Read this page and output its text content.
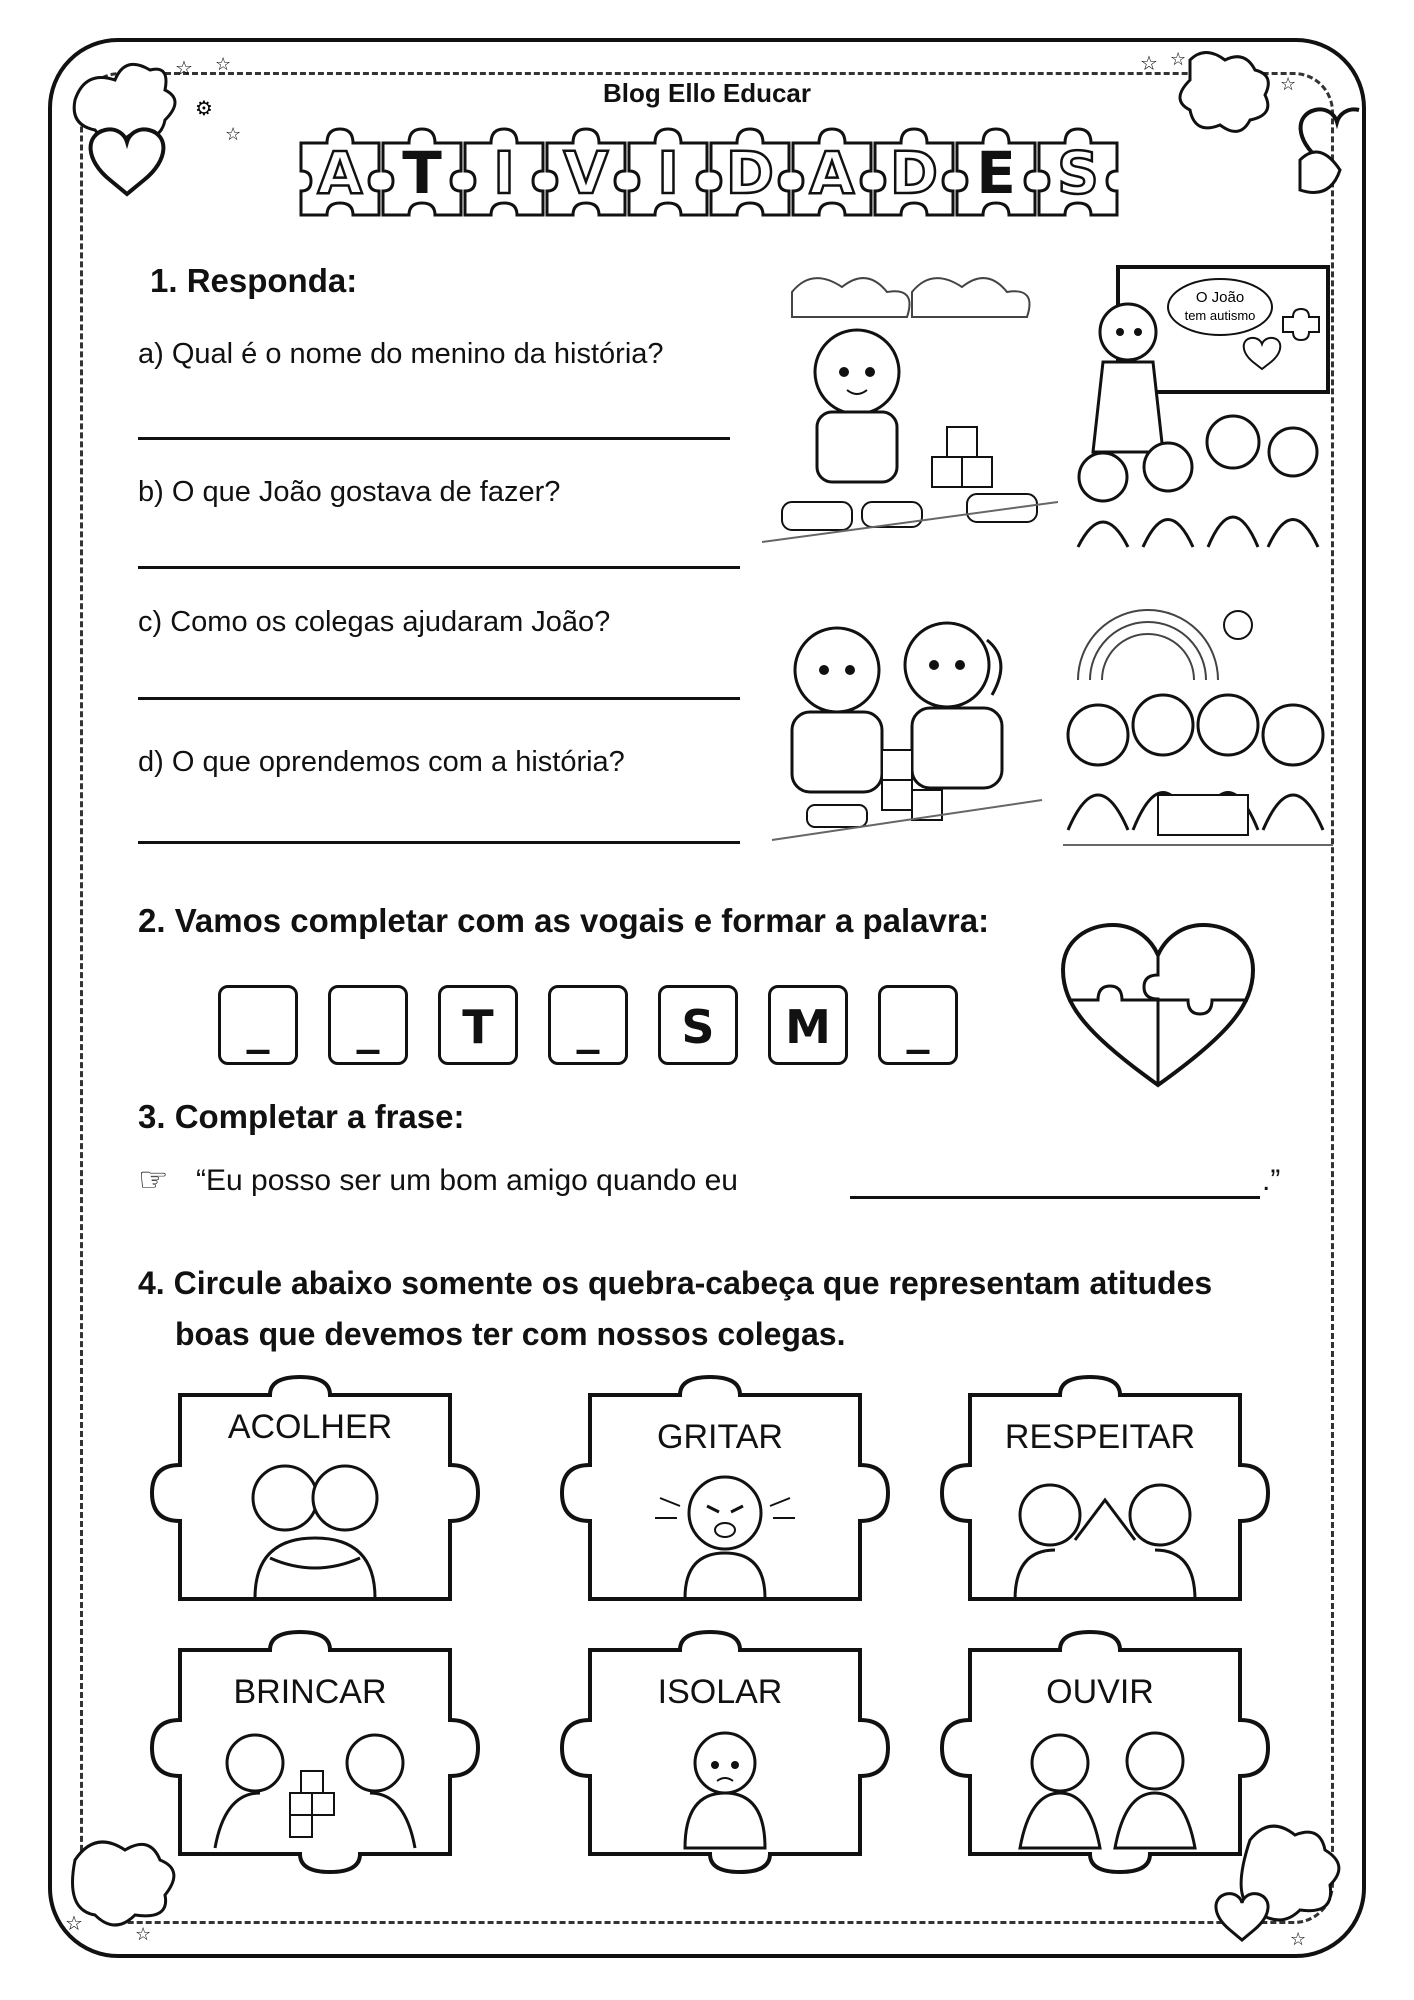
☆ ☆
⚙
☆
☆ ☆
☆
☆	☆	☆
Blog Ello Educar
A T I V I D A D E S
1. Responda:
a) Qual é o nome do menino da história?
b) O que João gostava de fazer?
c) Como os colegas ajudaram João?
d) O que oprendemos com a história?
O João
tem autismo
2. Vamos completar com as vogais e formar a palavra:
_	_	T	_	S	M	_
3. Completar a frase:
☞ “Eu posso ser um bom amigo quando eu	.”
4. Circule abaixo somente os quebra-cabeça que representam atitudes
boas que devemos ter com nossos colegas.
ACOLHER	GRITAR	RESPEITAR
BRINCAR	ISOLAR	OUVIR
